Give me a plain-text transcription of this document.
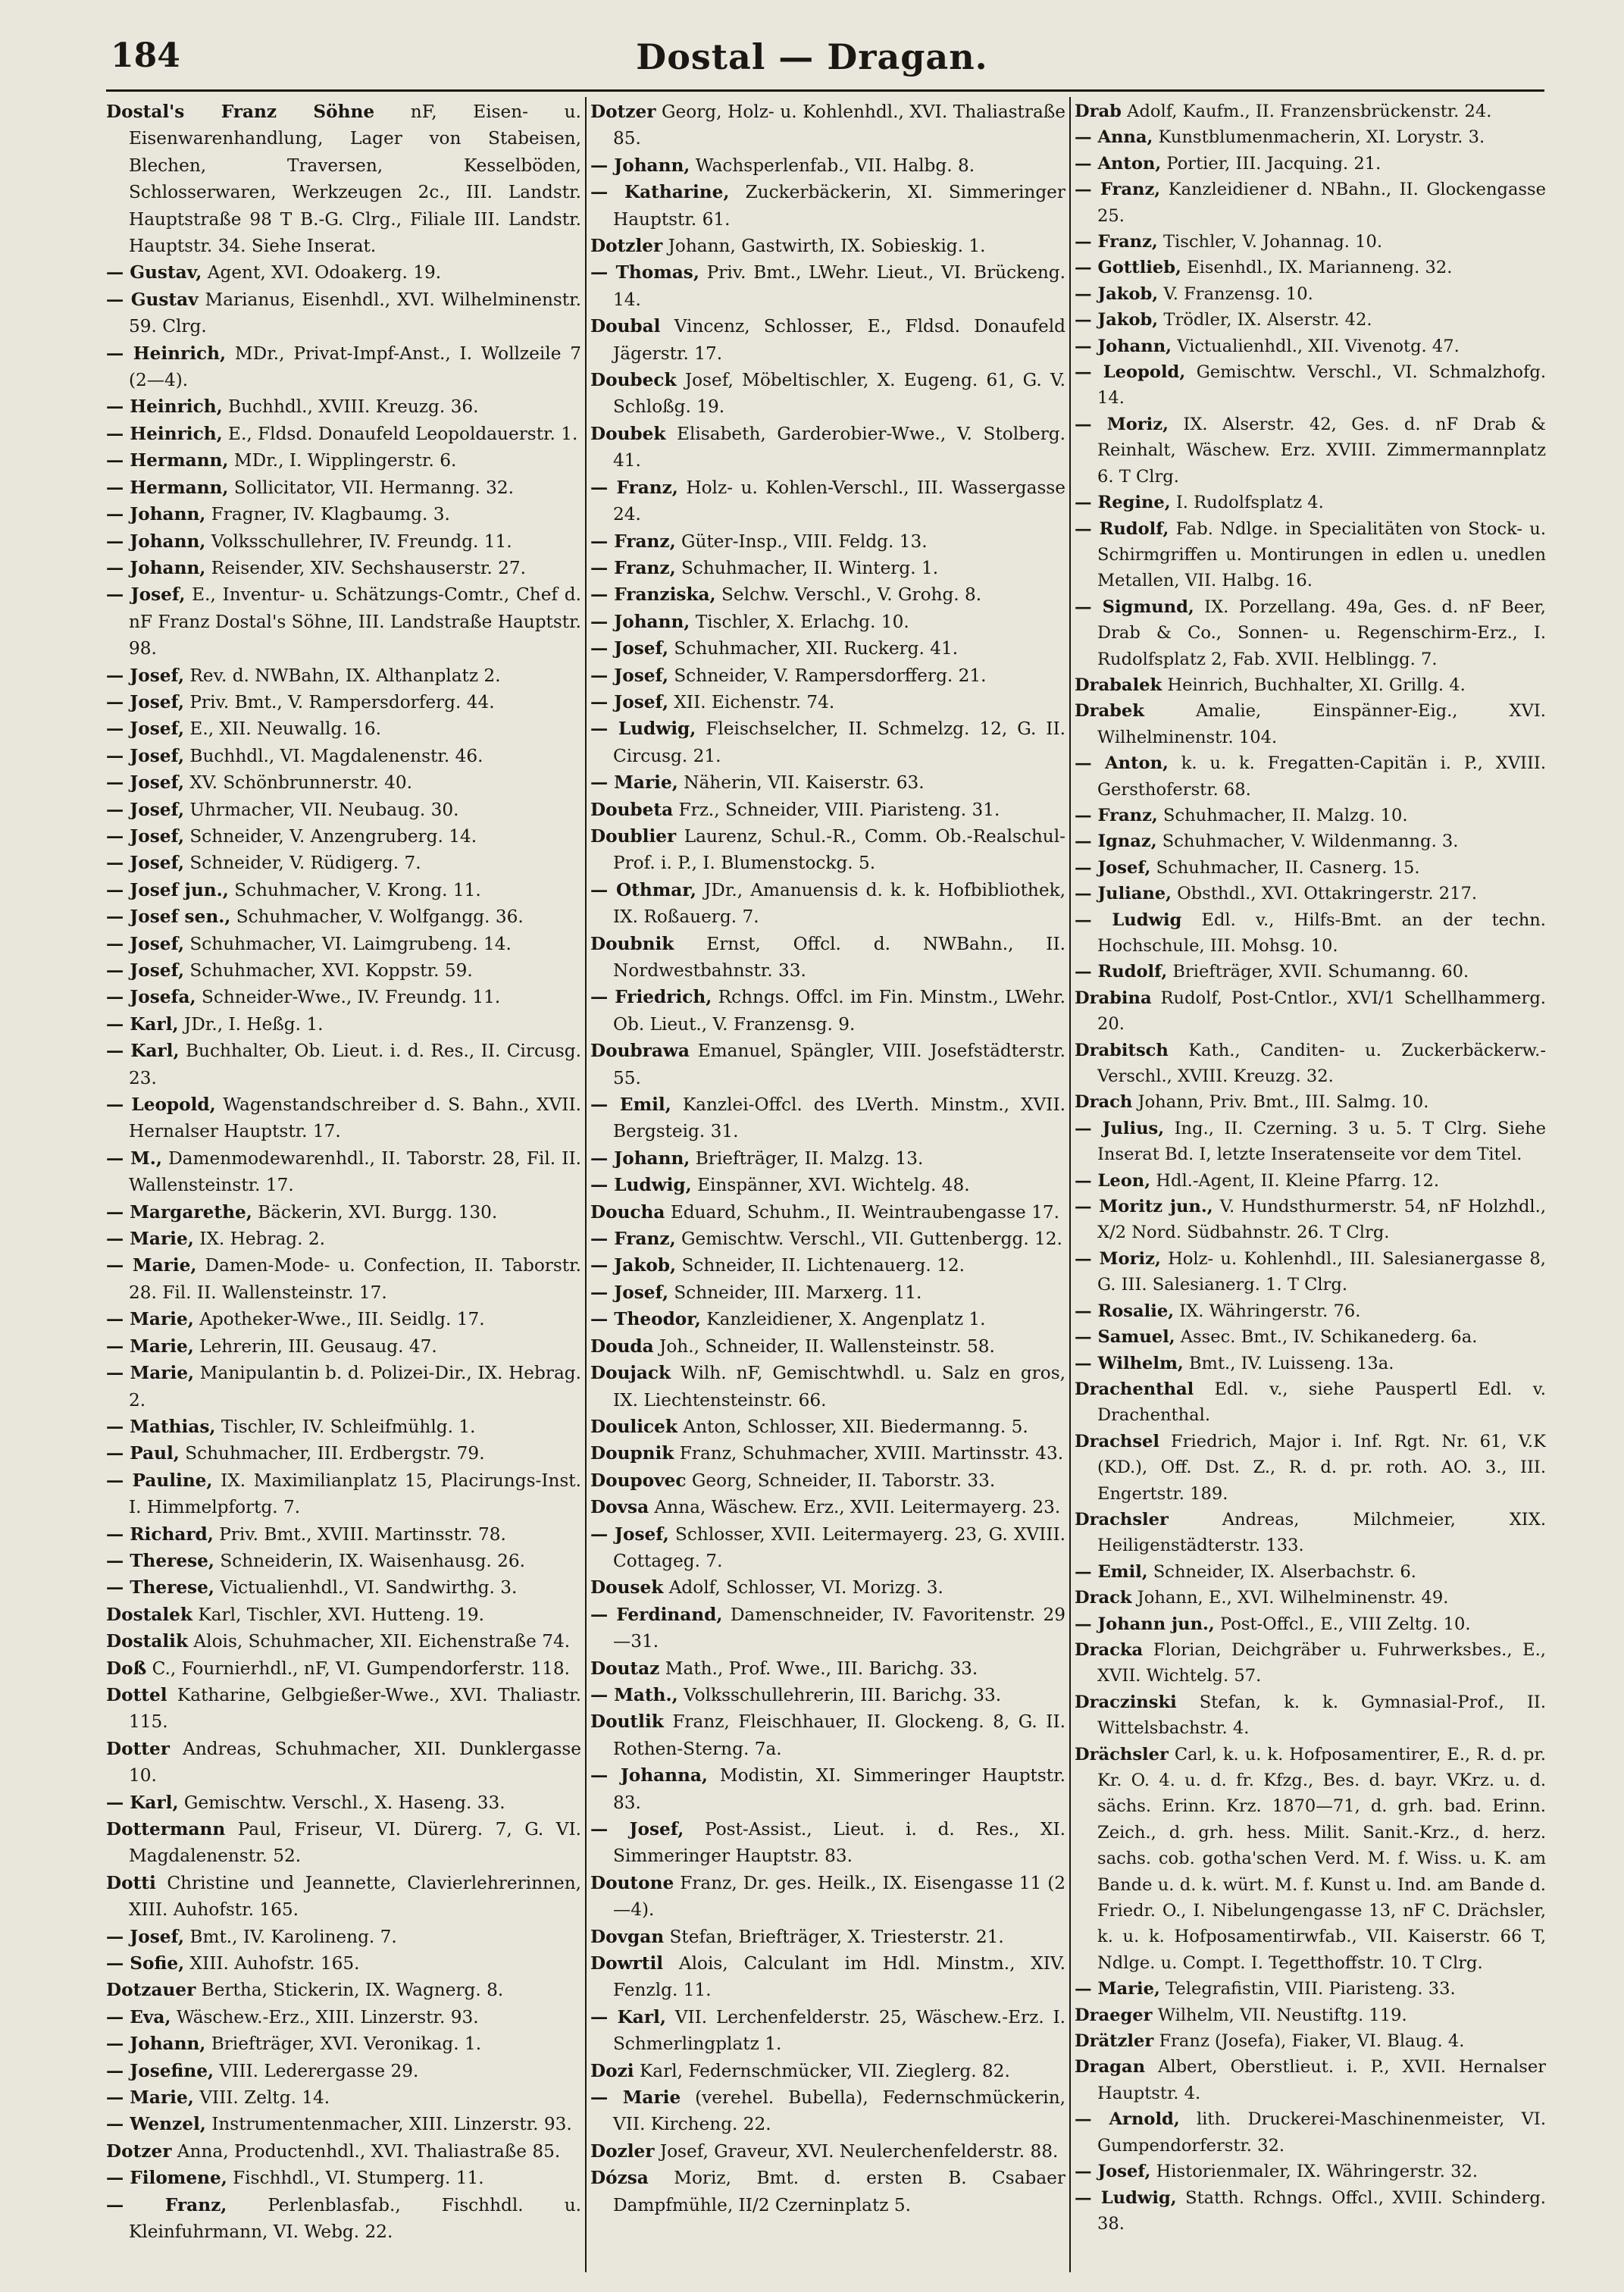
184	Dostal — Dragan.
Dostal's Franz Söhne nF, Eisen- u. Eisenwarenhandlung, Lager von Stabeisen, Blechen, Traversen, Kesselböden, Schlosserwaren, Werkzeugen 2c., III. Landstr. Hauptstraße 98 T B.-G. Clrg., Filiale III. Landstr. Hauptstr. 34. Siehe Inserat.
— Gustav, Agent, XVI. Odoakerg. 19.
— Gustav Marianus, Eisenhdl., XVI. Wilhelminenstr. 59. Clrg.
— Heinrich, MDr., Privat-Impf-Anst., I. Wollzeile 7 (2—4).
— Heinrich, Buchhdl., XVIII. Kreuzg. 36.
— Heinrich, E., Fldsd. Donaufeld Leopoldauerstr. 1.
— Hermann, MDr., I. Wipplingerstr. 6.
— Hermann, Sollicitator, VII. Hermanng. 32.
— Johann, Fragner, IV. Klagbaumg. 3.
— Johann, Volksschullehrer, IV. Freundg. 11.
— Johann, Reisender, XIV. Sechshauserstr. 27.
— Josef, E., Inventur- u. Schätzungs-Comtr., Chef d. nF Franz Dostal's Söhne, III. Landstraße Hauptstr. 98.
— Josef, Rev. d. NWBahn, IX. Althanplatz 2.
— Josef, Priv. Bmt., V. Rampersdorferg. 44.
— Josef, E., XII. Neuwallg. 16.
— Josef, Buchhdl., VI. Magdalenenstr. 46.
— Josef, XV. Schönbrunnerstr. 40.
— Josef, Uhrmacher, VII. Neubaug. 30.
— Josef, Schneider, V. Anzengruberg. 14.
— Josef, Schneider, V. Rüdigerg. 7.
— Josef jun., Schuhmacher, V. Krong. 11.
— Josef sen., Schuhmacher, V. Wolfgangg. 36.
— Josef, Schuhmacher, VI. Laimgrubeng. 14.
— Josef, Schuhmacher, XVI. Koppstr. 59.
— Josefa, Schneider-Wwe., IV. Freundg. 11.
— Karl, JDr., I. Heßg. 1.
— Karl, Buchhalter, Ob. Lieut. i. d. Res., II. Circusg. 23.
— Leopold, Wagenstandschreiber d. S. Bahn., XVII. Hernalser Hauptstr. 17.
— M., Damenmodewarenhdl., II. Taborstr. 28, Fil. II. Wallensteinstr. 17.
— Margarethe, Bäckerin, XVI. Burgg. 130.
— Marie, IX. Hebrag. 2.
— Marie, Damen-Mode- u. Confection, II. Taborstr. 28. Fil. II. Wallensteinstr. 17.
— Marie, Apotheker-Wwe., III. Seidlg. 17.
— Marie, Lehrerin, III. Geusaug. 47.
— Marie, Manipulantin b. d. Polizei-Dir., IX. Hebrag. 2.
— Mathias, Tischler, IV. Schleifmühlg. 1.
— Paul, Schuhmacher, III. Erdbergstr. 79.
— Pauline, IX. Maximilianplatz 15, Placirungs-Inst. I. Himmelpfortg. 7.
— Richard, Priv. Bmt., XVIII. Martinsstr. 78.
— Therese, Schneiderin, IX. Waisenhausg. 26.
— Therese, Victualienhdl., VI. Sandwirthg. 3.
Dostalek Karl, Tischler, XVI. Hutteng. 19.
Dostalik Alois, Schuhmacher, XII. Eichenstraße 74.
Doß C., Fournierhdl., nF, VI. Gumpendorferstr. 118.
Dottel Katharine, Gelbgießer-Wwe., XVI. Thaliastr. 115.
Dotter Andreas, Schuhmacher, XII. Dunklergasse 10.
— Karl, Gemischtw. Verschl., X. Haseng. 33.
Dottermann Paul, Friseur, VI. Dürerg. 7, G. VI. Magdalenenstr. 52.
Dotti Christine und Jeannette, Clavierlehrerinnen, XIII. Auhofstr. 165.
— Josef, Bmt., IV. Karolineng. 7.
— Sofie, XIII. Auhofstr. 165.
Dotzauer Bertha, Stickerin, IX. Wagnerg. 8.
— Eva, Wäschew.-Erz., XIII. Linzerstr. 93.
— Johann, Briefträger, XVI. Veronikag. 1.
— Josefine, VIII. Lederergasse 29.
— Marie, VIII. Zeltg. 14.
— Wenzel, Instrumentenmacher, XIII. Linzerstr. 93.
Dotzer Anna, Productenhdl., XVI. Thaliastraße 85.
— Filomene, Fischhdl., VI. Stumperg. 11.
— Franz, Perlenblasfab., Fischhdl. u. Kleinfuhrmann, VI. Webg. 22.
Dotzer Georg, Holz- u. Kohlenhdl., XVI. Thaliastraße 85.
— Johann, Wachsperlenfab., VII. Halbg. 8.
— Katharine, Zuckerbäckerin, XI. Simmeringer Hauptstr. 61.
Dotzler Johann, Gastwirth, IX. Sobieskig. 1.
— Thomas, Priv. Bmt., LWehr. Lieut., VI. Brückeng. 14.
Doubal Vincenz, Schlosser, E., Fldsd. Donaufeld Jägerstr. 17.
Doubeck Josef, Möbeltischler, X. Eugeng. 61, G. V. Schloßg. 19.
Doubek Elisabeth, Garderobier-Wwe., V. Stolberg. 41.
— Franz, Holz- u. Kohlen-Verschl., III. Wassergasse 24.
— Franz, Güter-Insp., VIII. Feldg. 13.
— Franz, Schuhmacher, II. Winterg. 1.
— Franziska, Selchw. Verschl., V. Grohg. 8.
— Johann, Tischler, X. Erlachg. 10.
— Josef, Schuhmacher, XII. Ruckerg. 41.
— Josef, Schneider, V. Rampersdorfferg. 21.
— Josef, XII. Eichenstr. 74.
— Ludwig, Fleischselcher, II. Schmelzg. 12, G. II. Circusg. 21.
— Marie, Näherin, VII. Kaiserstr. 63.
Doubeta Frz., Schneider, VIII. Piaristeng. 31.
Doublier Laurenz, Schul.-R., Comm. Ob.-Realschul-Prof. i. P., I. Blumenstockg. 5.
— Othmar, JDr., Amanuensis d. k. k. Hofbibliothek, IX. Roßauerg. 7.
Doubnik Ernst, Offcl. d. NWBahn., II. Nordwestbahnstr. 33.
— Friedrich, Rchngs. Offcl. im Fin. Minstm., LWehr. Ob. Lieut., V. Franzensg. 9.
Doubrawa Emanuel, Spängler, VIII. Josefstädterstr. 55.
— Emil, Kanzlei-Offcl. des LVerth. Minstm., XVII. Bergsteig. 31.
— Johann, Briefträger, II. Malzg. 13.
— Ludwig, Einspänner, XVI. Wichtelg. 48.
Doucha Eduard, Schuhm., II. Weintraubengasse 17.
— Franz, Gemischtw. Verschl., VII. Guttenbergg. 12.
— Jakob, Schneider, II. Lichtenauerg. 12.
— Josef, Schneider, III. Marxerg. 11.
— Theodor, Kanzleidiener, X. Angenplatz 1.
Douda Joh., Schneider, II. Wallensteinstr. 58.
Doujack Wilh. nF, Gemischtwhdl. u. Salz en gros, IX. Liechtensteinstr. 66.
Doulicek Anton, Schlosser, XII. Biedermanng. 5.
Doupnik Franz, Schuhmacher, XVIII. Martinsstr. 43.
Doupovec Georg, Schneider, II. Taborstr. 33.
Dovsa Anna, Wäschew. Erz., XVII. Leitermayerg. 23.
— Josef, Schlosser, XVII. Leitermayerg. 23, G. XVIII. Cottageg. 7.
Dousek Adolf, Schlosser, VI. Morizg. 3.
— Ferdinand, Damenschneider, IV. Favoritenstr. 29—31.
Doutaz Math., Prof. Wwe., III. Barichg. 33.
— Math., Volksschullehrerin, III. Barichg. 33.
Doutlik Franz, Fleischhauer, II. Glockeng. 8, G. II. Rothen-Sterng. 7a.
— Johanna, Modistin, XI. Simmeringer Hauptstr. 83.
— Josef, Post-Assist., Lieut. i. d. Res., XI. Simmeringer Hauptstr. 83.
Doutone Franz, Dr. ges. Heilk., IX. Eisengasse 11 (2—4).
Dovgan Stefan, Briefträger, X. Triesterstr. 21.
Dowrtil Alois, Calculant im Hdl. Minstm., XIV. Fenzlg. 11.
— Karl, VII. Lerchenfelderstr. 25, Wäschew.-Erz. I. Schmerlingplatz 1.
Dozi Karl, Federnschmücker, VII. Zieglerg. 82.
— Marie (verehel. Bubella), Federnschmückerin, VII. Kircheng. 22.
Dozler Josef, Graveur, XVI. Neulerchenfelderstr. 88.
Dózsa Moriz, Bmt. d. ersten B. Csabaer Dampfmühle, II/2 Czerninplatz 5.
Drab Adolf, Kaufm., II. Franzensbrückenstr. 24.
— Anna, Kunstblumenmacherin, XI. Lorystr. 3.
— Anton, Portier, III. Jacquing. 21.
— Franz, Kanzleidiener d. NBahn., II. Glockengasse 25.
— Franz, Tischler, V. Johannag. 10.
— Gottlieb, Eisenhdl., IX. Marianneng. 32.
— Jakob, V. Franzensg. 10.
— Jakob, Trödler, IX. Alserstr. 42.
— Johann, Victualienhdl., XII. Vivenotg. 47.
— Leopold, Gemischtw. Verschl., VI. Schmalzhofg. 14.
— Moriz, IX. Alserstr. 42, Ges. d. nF Drab & Reinhalt, Wäschew. Erz. XVIII. Zimmermannplatz 6. T Clrg.
— Regine, I. Rudolfsplatz 4.
— Rudolf, Fab. Ndlge. in Specialitäten von Stock- u. Schirmgriffen u. Montirungen in edlen u. unedlen Metallen, VII. Halbg. 16.
— Sigmund, IX. Porzellang. 49a, Ges. d. nF Beer, Drab & Co., Sonnen- u. Regenschirm-Erz., I. Rudolfsplatz 2, Fab. XVII. Helblingg. 7.
Drabalek Heinrich, Buchhalter, XI. Grillg. 4.
Drabek	Amalie, Einspänner-Eig., XVI. Wilhelminenstr. 104.
— Anton, k. u. k. Fregatten-Capitän i. P., XVIII. Gersthoferstr. 68.
— Franz, Schuhmacher, II. Malzg. 10.
— Ignaz, Schuhmacher, V. Wildenmanng. 3.
— Josef, Schuhmacher, II. Casnerg. 15.
— Juliane, Obsthdl., XVI. Ottakringerstr. 217.
— Ludwig Edl. v., Hilfs-Bmt. an der techn. Hochschule, III. Mohsg. 10.
— Rudolf, Briefträger, XVII. Schumanng. 60.
Drabina Rudolf, Post-Cntlor., XVI/1 Schellhammerg. 20.
Drabitsch Kath., Canditen- u. Zuckerbäckerw.-Verschl., XVIII. Kreuzg. 32.
Drach Johann, Priv. Bmt., III. Salmg. 10.
— Julius, Ing., II. Czerning. 3 u. 5. T Clrg. Siehe Inserat Bd. I, letzte Inseratenseite vor dem Titel.
— Leon, Hdl.-Agent, II. Kleine Pfarrg. 12.
— Moritz jun., V. Hundsthurmerstr. 54, nF Holzhdl., X/2 Nord. Südbahnstr. 26. T Clrg.
— Moriz, Holz- u. Kohlenhdl., III. Salesianergasse 8, G. III. Salesianerg. 1. T Clrg.
— Rosalie, IX. Währingerstr. 76.
— Samuel, Assec. Bmt., IV. Schikanederg. 6a.
— Wilhelm, Bmt., IV. Luisseng. 13a.
Drachenthal Edl. v., siehe Pauspertl Edl. v. Drachenthal.
Drachsel Friedrich, Major i. Inf. Rgt. Nr. 61, V.K (KD.), Off. Dst. Z., R. d. pr. roth. AO. 3., III. Engertstr. 189.
Drachsler	Andreas, Milchmeier, XIX. Heiligenstädterstr. 133.
— Emil, Schneider, IX. Alserbachstr. 6.
Drack Johann, E., XVI. Wilhelminenstr. 49.
— Johann jun., Post-Offcl., E., VIII Zeltg. 10.
Dracka Florian, Deichgräber u. Fuhrwerksbes., E., XVII. Wichtelg. 57.
Draczinski Stefan, k. k. Gymnasial-Prof., II. Wittelsbachstr. 4.
Drächsler Carl, k. u. k. Hofposamentirer, E., R. d. pr. Kr. O. 4. u. d. fr. Kfzg., Bes. d. bayr. VKrz. u. d. sächs. Erinn. Krz. 1870—71, d. grh. bad. Erinn. Zeich., d. grh. hess. Milit. Sanit.-Krz., d. herz. sachs. cob. gotha'schen Verd. M. f. Wiss. u. K. am Bande u. d. k. würt. M. f. Kunst u. Ind. am Bande d. Friedr. O., I. Nibelungengasse 13, nF C. Drächsler, k. u. k. Hofposamentirwfab., VII. Kaiserstr. 66 T, Ndlge. u. Compt. I. Tegetthoffstr. 10. T Clrg.
— Marie, Telegrafistin, VIII. Piaristeng. 33.
Draeger Wilhelm, VII. Neustiftg. 119.
Drätzler Franz (Josefa), Fiaker, VI. Blaug. 4.
Dragan Albert, Oberstlieut. i. P., XVII. Hernalser Hauptstr. 4.
— Arnold, lith. Druckerei-Maschinenmeister, VI. Gumpendorferstr. 32.
— Josef, Historienmaler, IX. Währingerstr. 32.
— Ludwig, Statth. Rchngs. Offcl., XVIII. Schinderg. 38.
